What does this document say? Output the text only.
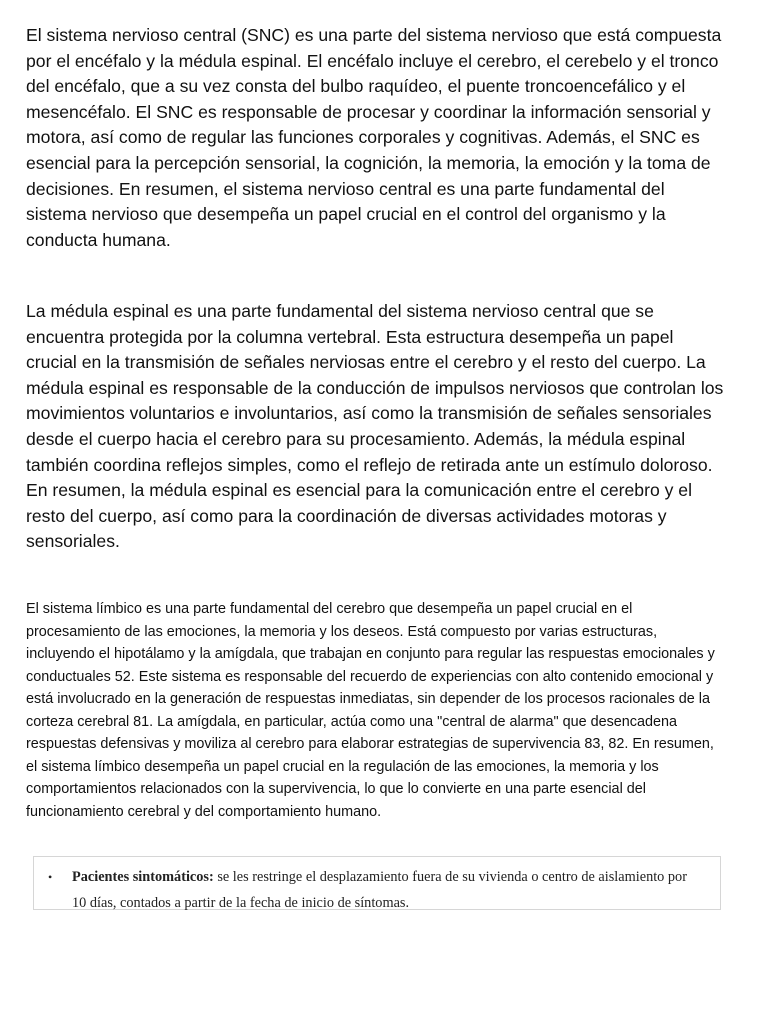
El sistema nervioso central (SNC) es una parte del sistema nervioso que está compuesta por el encéfalo y la médula espinal. El encéfalo incluye el cerebro, el cerebelo y el tronco del encéfalo, que a su vez consta del bulbo raquídeo, el puente troncoencefálico y el mesencéfalo. El SNC es responsable de procesar y coordinar la información sensorial y motora, así como de regular las funciones corporales y cognitivas. Además, el SNC es esencial para la percepción sensorial, la cognición, la memoria, la emoción y la toma de decisiones. En resumen, el sistema nervioso central es una parte fundamental del sistema nervioso que desempeña un papel crucial en el control del organismo y la conducta humana.

La médula espinal es una parte fundamental del sistema nervioso central que se encuentra protegida por la columna vertebral. Esta estructura desempeña un papel crucial en la transmisión de señales nerviosas entre el cerebro y el resto del cuerpo. La médula espinal es responsable de la conducción de impulsos nerviosos que controlan los movimientos voluntarios e involuntarios, así como la transmisión de señales sensoriales desde el cuerpo hacia el cerebro para su procesamiento. Además, la médula espinal también coordina reflejos simples, como el reflejo de retirada ante un estímulo doloroso. En resumen, la médula espinal es esencial para la comunicación entre el cerebro y el resto del cuerpo, así como para la coordinación de diversas actividades motoras y sensoriales.

El sistema límbico es una parte fundamental del cerebro que desempeña un papel crucial en el procesamiento de las emociones, la memoria y los deseos. Está compuesto por varias estructuras, incluyendo el hipotálamo y la amígdala, que trabajan en conjunto para regular las respuestas emocionales y conductuales 52. Este sistema es responsable del recuerdo de experiencias con alto contenido emocional y está involucrado en la generación de respuestas inmediatas, sin depender de los procesos racionales de la corteza cerebral 81. La amígdala, en particular, actúa como una "central de alarma" que desencadena respuestas defensivas y moviliza al cerebro para elaborar estrategias de supervivencia 83, 82. En resumen, el sistema límbico desempeña un papel crucial en la regulación de las emociones, la memoria y los comportamientos relacionados con la supervivencia, lo que lo convierte en una parte esencial del funcionamiento cerebral y del comportamiento humano.

• Pacientes sintomáticos: se les restringe el desplazamiento fuera de su vivienda o centro de aislamiento por 10 días, contados a partir de la fecha de inicio de síntomas.
